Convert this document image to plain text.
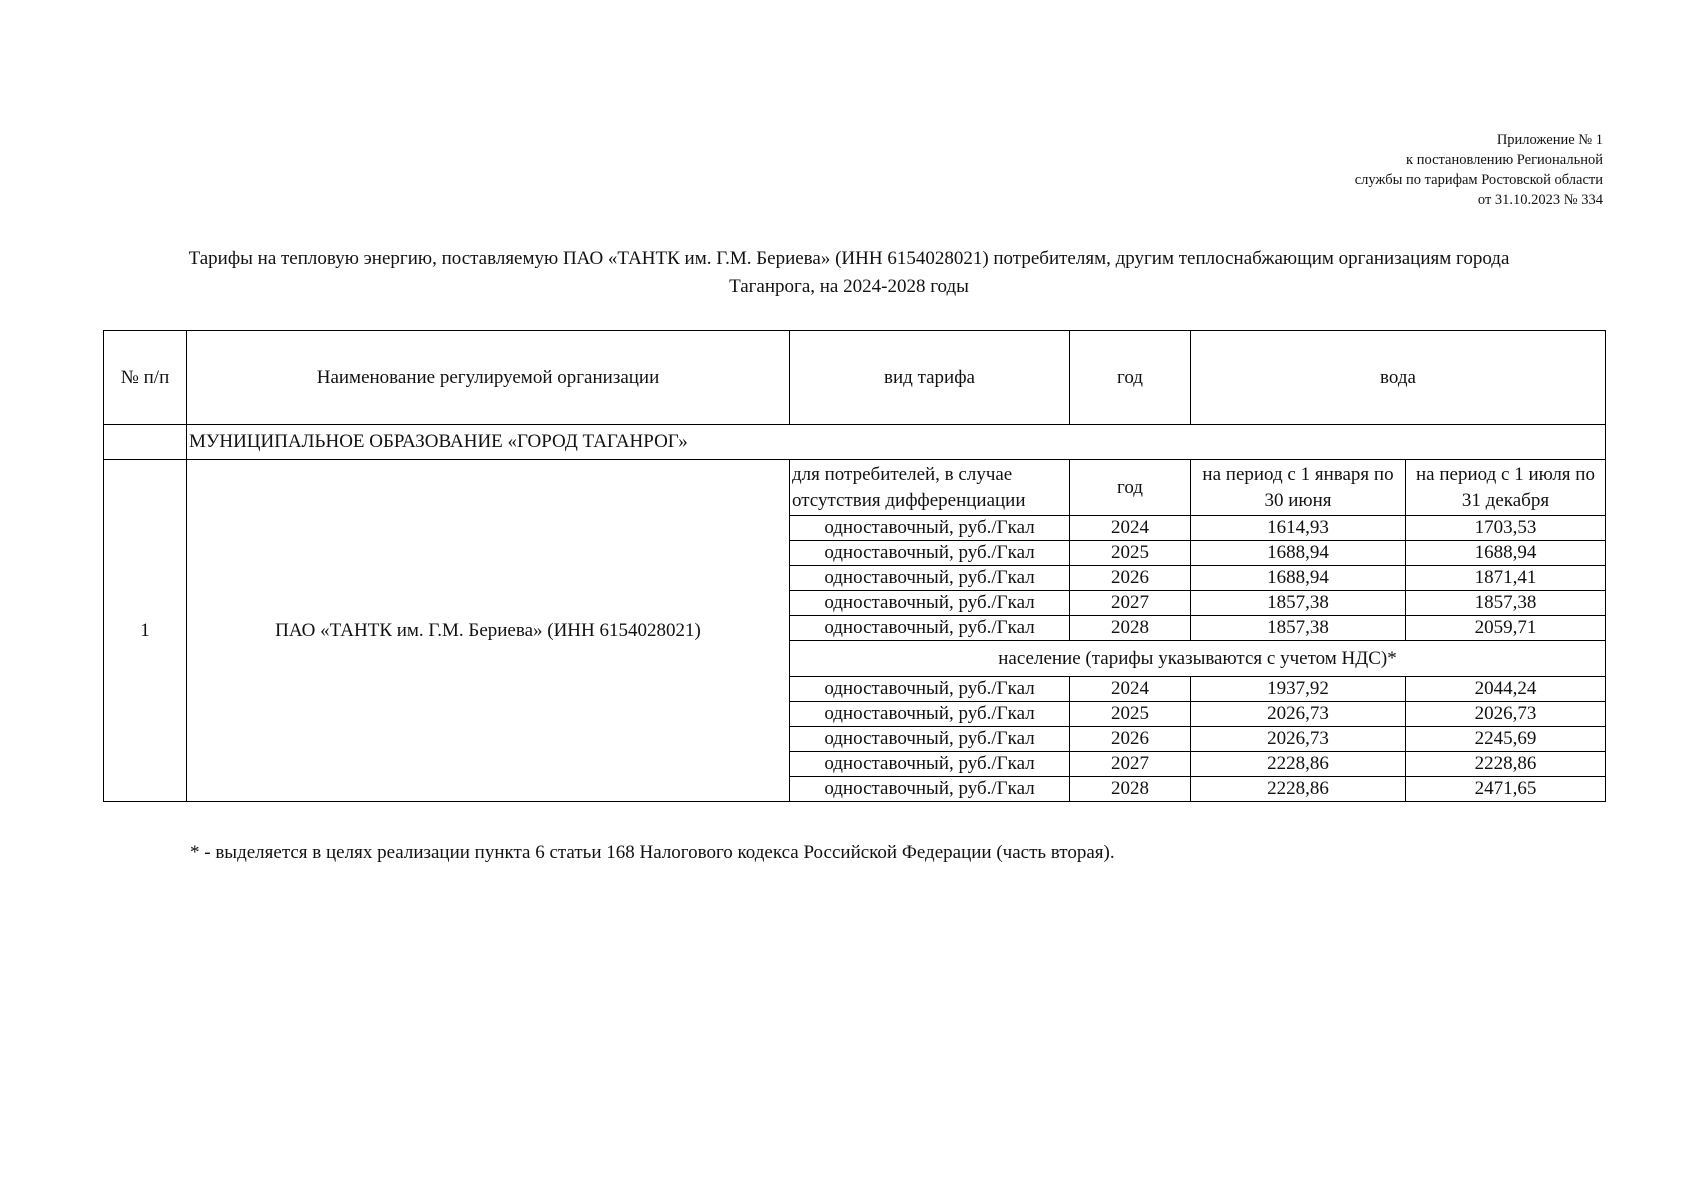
Приложение № 1
к постановлению Региональной
службы по тарифам Ростовской области
от 31.10.2023 № 334
Тарифы на тепловую энергию, поставляемую ПАО «ТАНТК им. Г.М. Бериева» (ИНН 6154028021) потребителям, другим теплоснабжающим организациям города
Таганрога, на 2024-2028 годы
№ п/п	Наименование регулируемой организации	вид тарифа	год	вода	
	МУНИЦИПАЛЬНОЕ ОБРАЗОВАНИЕ «ГОРОД ТАГАНРОГ»				
1	ПАО «ТАНТК им. Г.М. Бериева» (ИНН 6154028021)	для потребителей, в случае отсутствия дифференциации	год	на период с 1 января по 30 июня	на период с 1 июля по 31 декабря
		одноставочный, руб./Гкал	2024	1614,93	1703,53
		одноставочный, руб./Гкал	2025	1688,94	1688,94
		одноставочный, руб./Гкал	2026	1688,94	1871,41
		одноставочный, руб./Гкал	2027	1857,38	1857,38
		одноставочный, руб./Гкал	2028	1857,38	2059,71
		население (тарифы указываются с учетом НДС)*			
		одноставочный, руб./Гкал	2024	1937,92	2044,24
		одноставочный, руб./Гкал	2025	2026,73	2026,73
		одноставочный, руб./Гкал	2026	2026,73	2245,69
		одноставочный, руб./Гкал	2027	2228,86	2228,86
		одноставочный, руб./Гкал	2028	2228,86	2471,65
* - выделяется в целях реализации пункта 6 статьи 168 Налогового кодекса Российской Федерации (часть вторая).
